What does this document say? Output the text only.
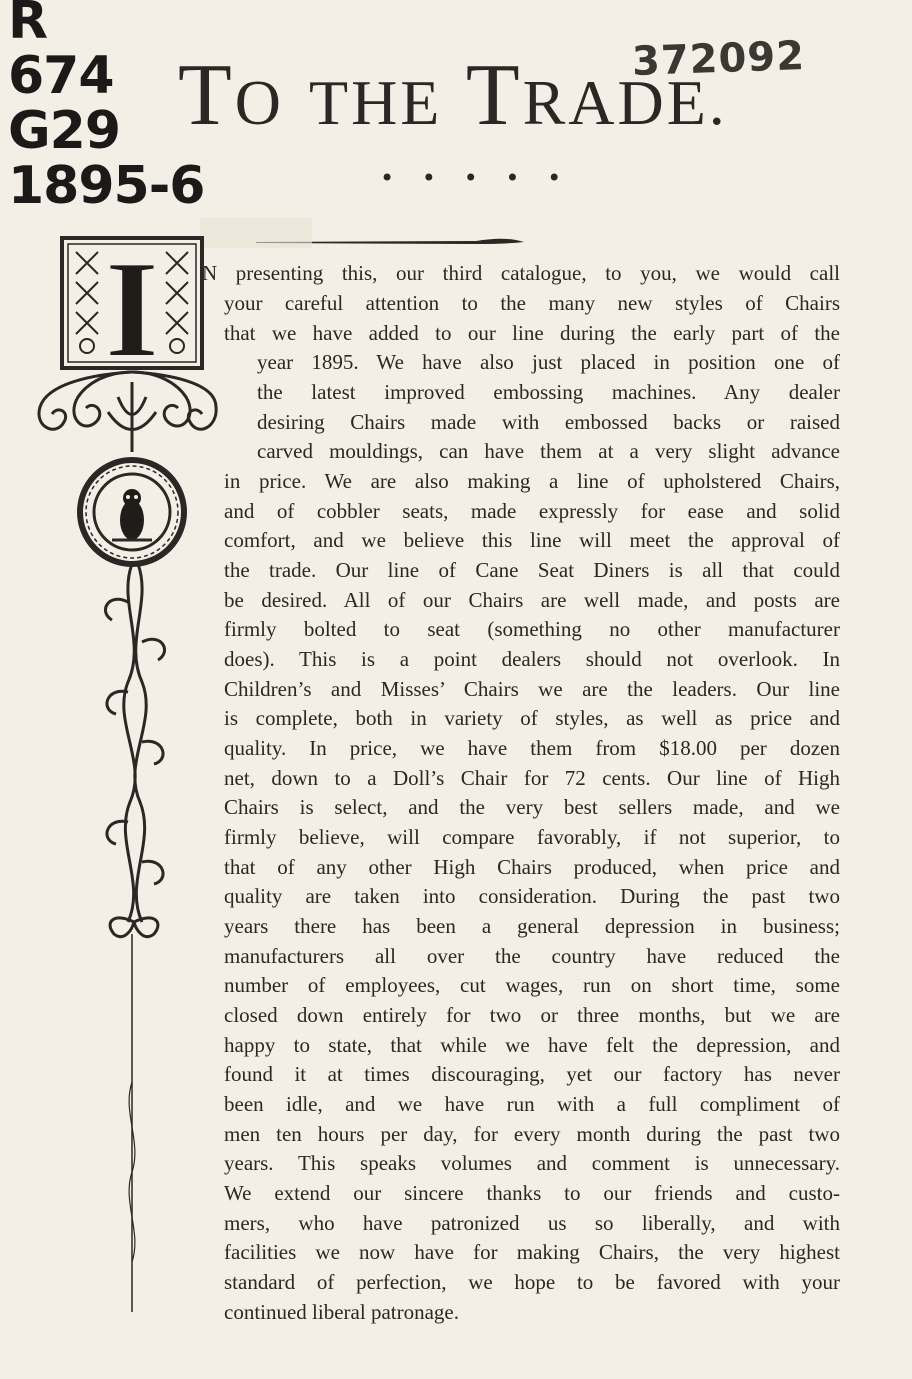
R
674
G29
1895-6
372092
TO THE TRADE.
• • • • •
I N presenting this, our third catalogue, to you, we would call
your careful attention to the many new styles of Chairs
that we have added to our line during the early part of the
year 1895. We have also just placed in position one of
the latest improved embossing machines. Any dealer
desiring Chairs made with embossed backs or raised
carved mouldings, can have them at a very slight advance
in price. We are also making a line of upholstered Chairs,
and of cobbler seats, made expressly for ease and solid
comfort, and we believe this line will meet the approval of
the trade. Our line of Cane Seat Diners is all that could
be desired. All of our Chairs are well made, and posts are
firmly bolted to seat (something no other manufacturer
does). This is a point dealers should not overlook. In
Children’s and Misses’ Chairs we are the leaders. Our line
is complete, both in variety of styles, as well as price and
quality. In price, we have them from $18.00 per dozen
net, down to a Doll’s Chair for 72 cents. Our line of High
Chairs is select, and the very best sellers made, and we
firmly believe, will compare favorably, if not superior, to
that of any other High Chairs produced, when price and
quality are taken into consideration. During the past two
years there has been a general depression in business;
manufacturers all over the country have reduced the
number of employees, cut wages, run on short time, some
closed down entirely for two or three months, but we are
happy to state, that while we have felt the depression, and
found it at times discouraging, yet our factory has never
been idle, and we have run with a full compliment of
men ten hours per day, for every month during the past two
years. This speaks volumes and comment is unnecessary.
We extend our sincere thanks to our friends and custo-
mers, who have patronized us so liberally, and with
facilities we now have for making Chairs, the very highest
standard of perfection, we hope to be favored with your
continued liberal patronage.
